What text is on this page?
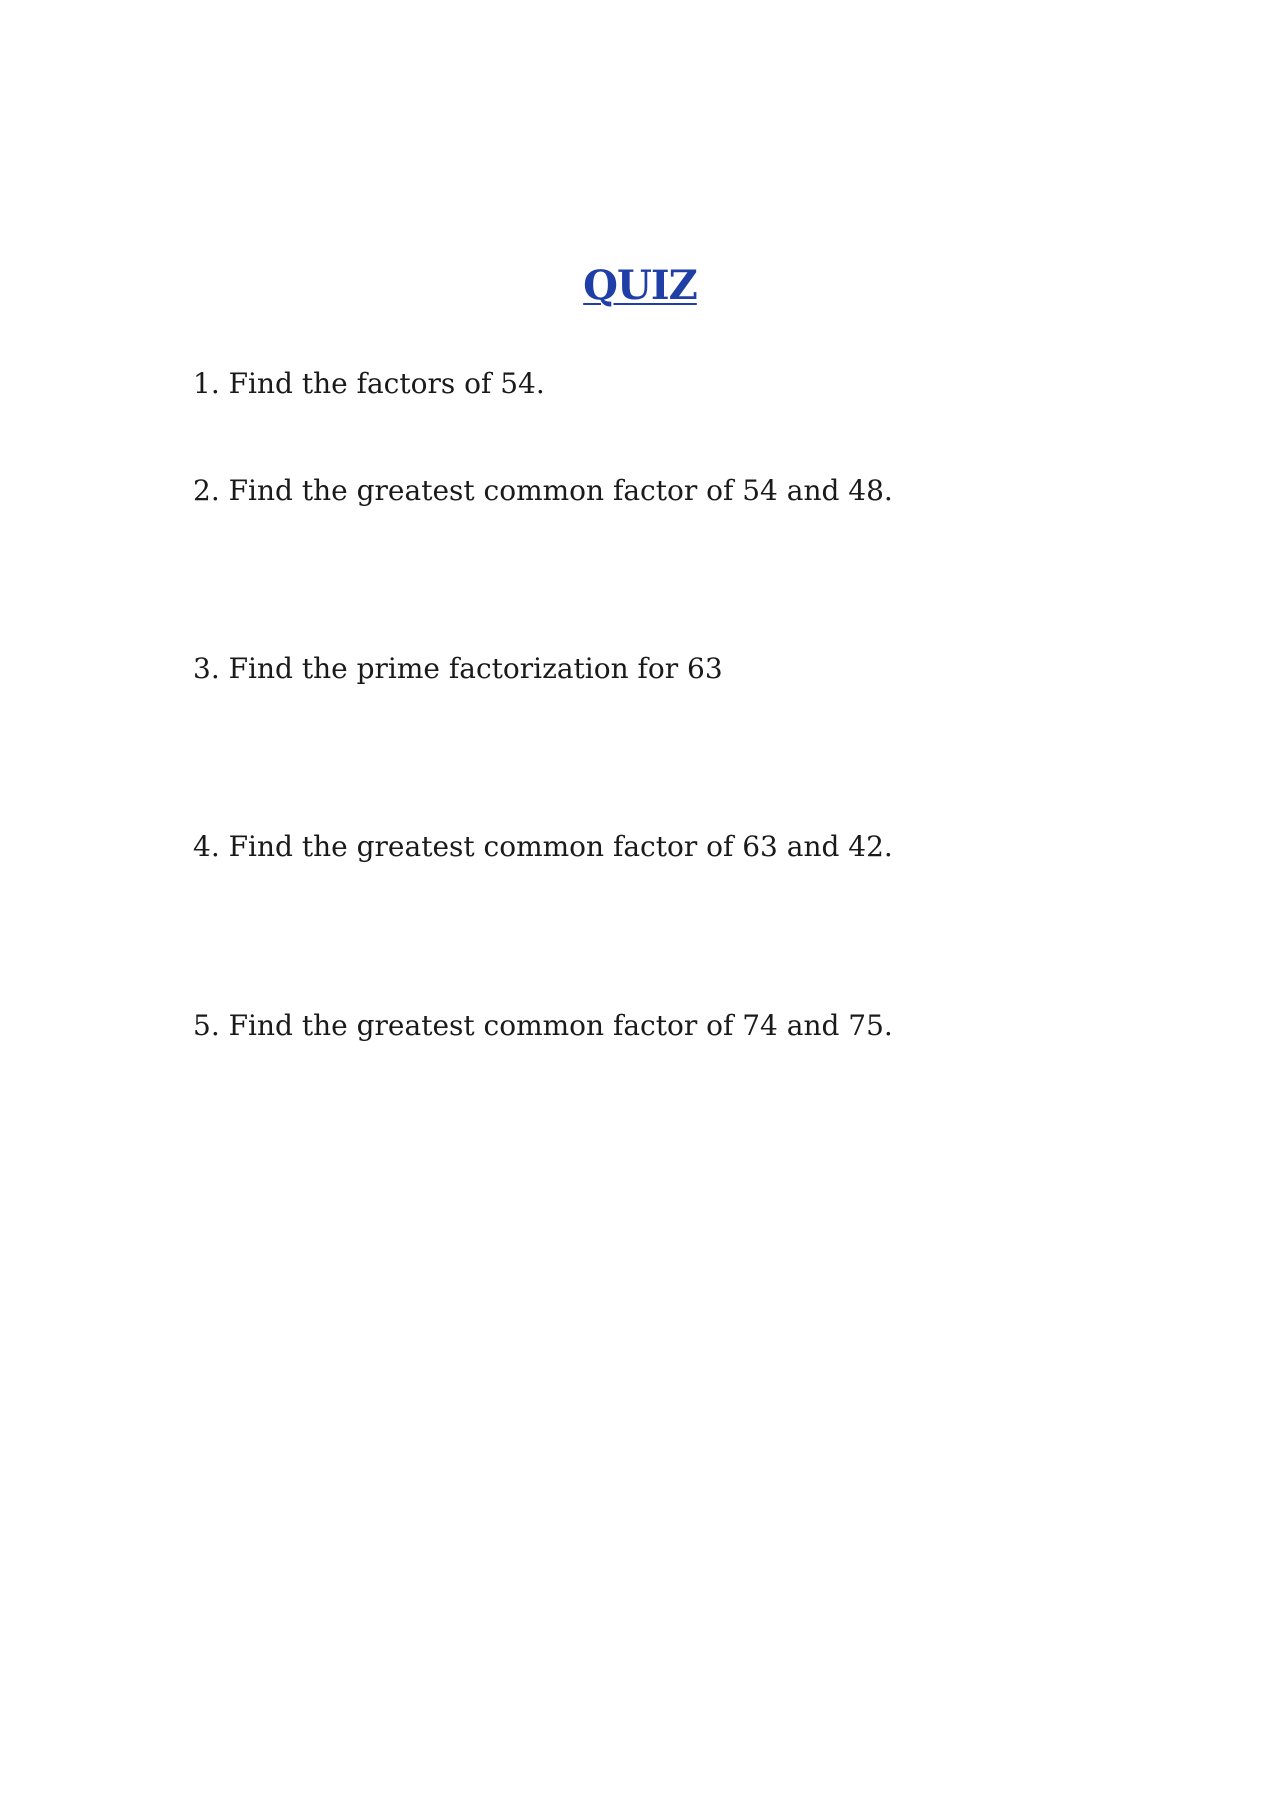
QUIZ
1. Find the factors of 54.
2. Find the greatest common factor of 54 and 48.
3. Find the prime factorization for 63
4. Find the greatest common factor of 63 and 42.
5. Find the greatest common factor of 74 and 75.
